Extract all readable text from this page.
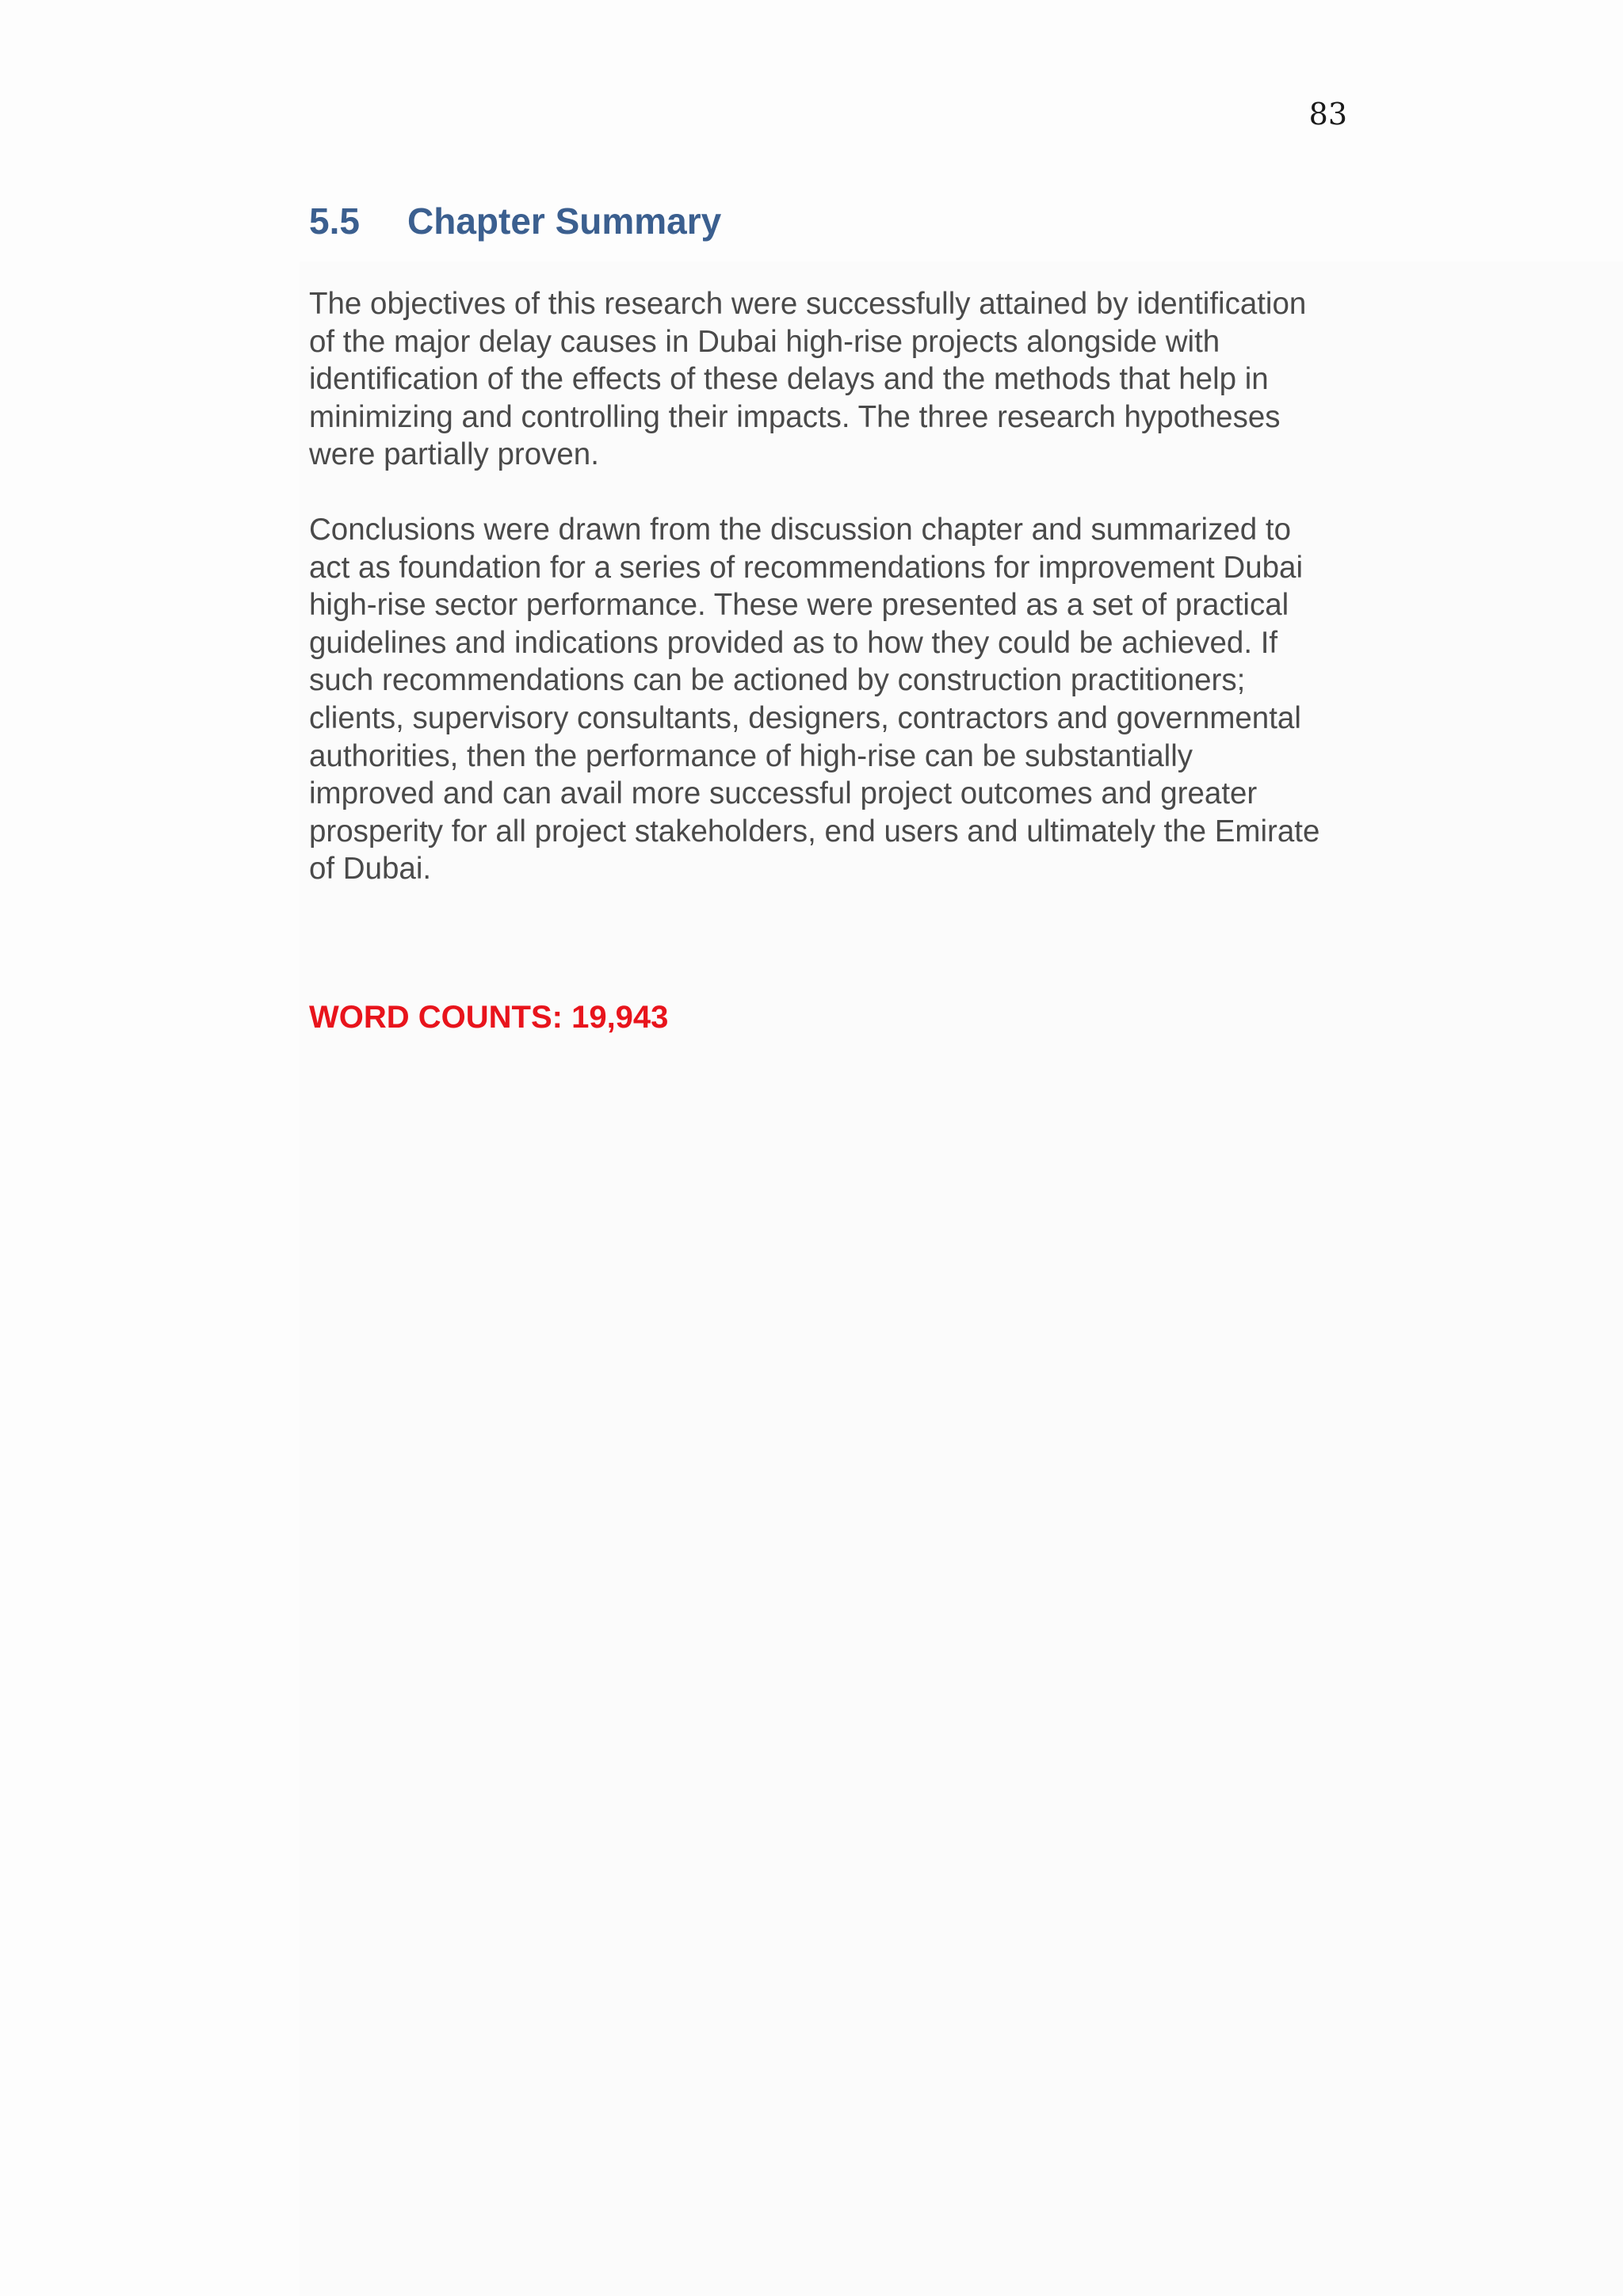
83
5.5 Chapter Summary

The objectives of this research were successfully attained by identification
of the major delay causes in Dubai high-rise projects alongside with
identification of the effects of these delays and the methods that help in
minimizing and controlling their impacts. The three research hypotheses
were partially proven.

Conclusions were drawn from the discussion chapter and summarized to
act as foundation for a series of recommendations for improvement Dubai
high-rise sector performance. These were presented as a set of practical
guidelines and indications provided as to how they could be achieved. If
such recommendations can be actioned by construction practitioners;
clients, supervisory consultants, designers, contractors and governmental
authorities, then the performance of high-rise can be substantially
improved and can avail more successful project outcomes and greater
prosperity for all project stakeholders, end users and ultimately the Emirate
of Dubai.

WORD COUNTS: 19,943
